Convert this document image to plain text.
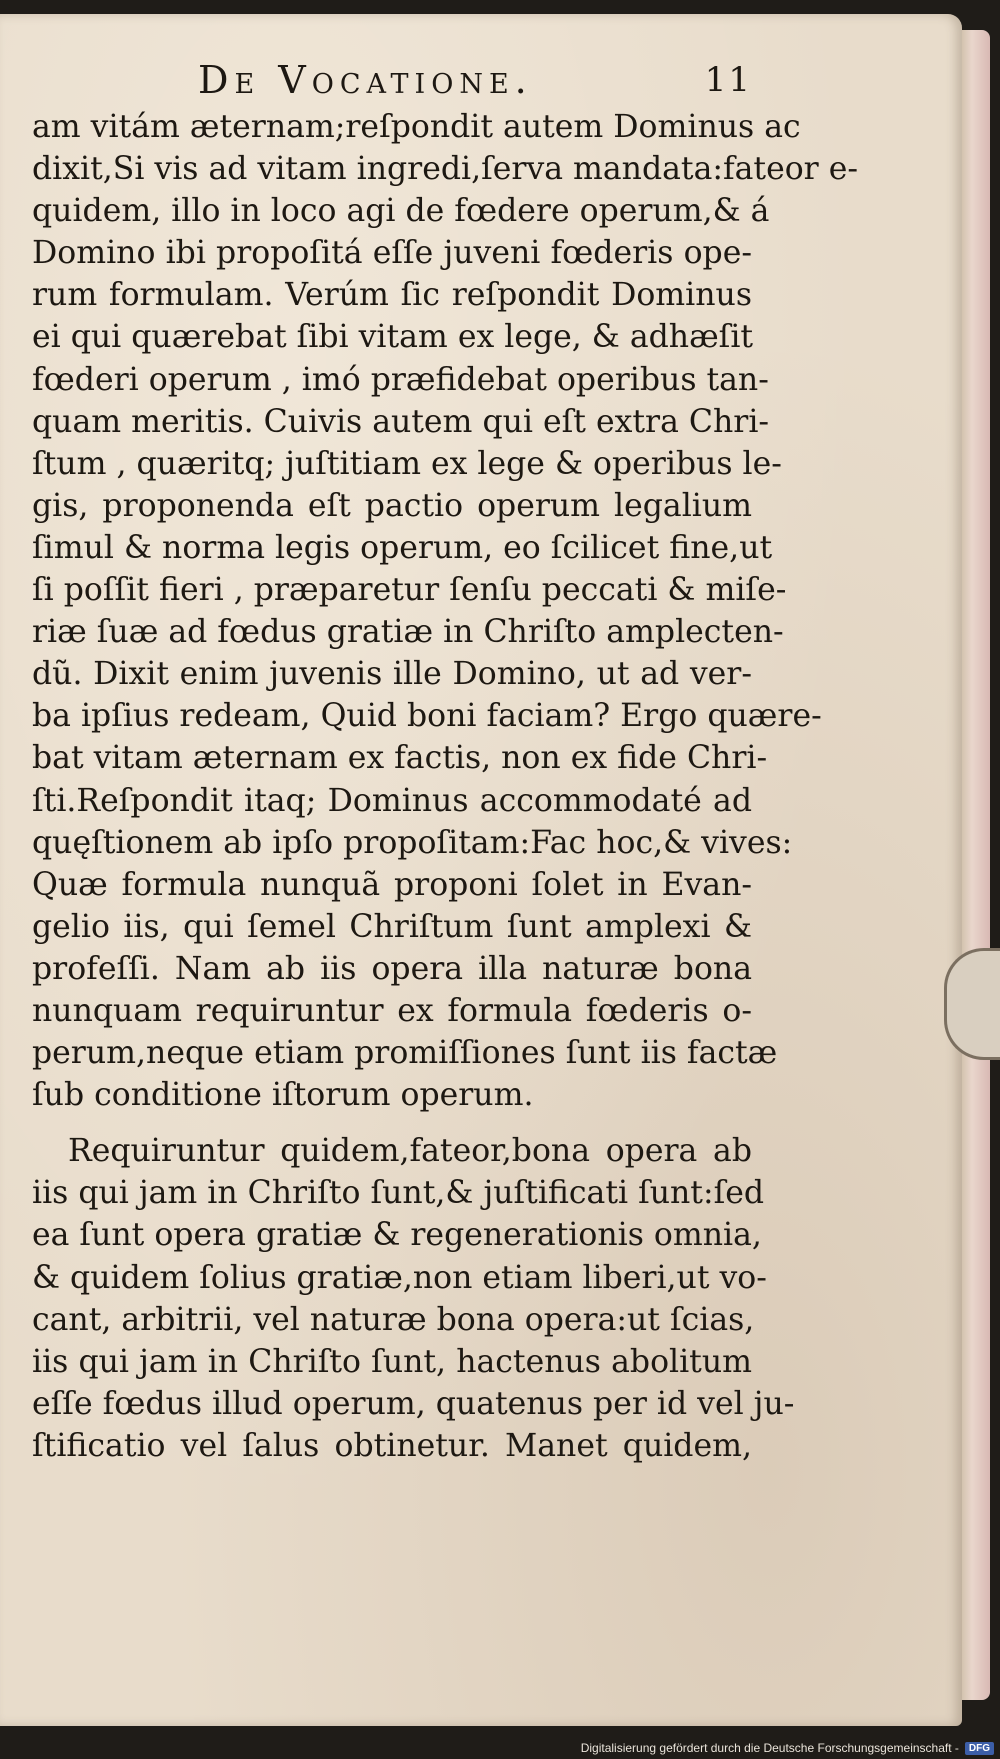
De Vocatione.	11
am vitám æternam;reſpondit autem Dominus ac
dixit,Si vis ad vitam ingredi,ſerva mandata:fateor e-
quidem, illo in loco agi de fœdere operum,& á
Domino ibi propoſitá eſſe juveni fœderis ope-
rum formulam. Verúm ſic reſpondit Dominus
ei qui quærebat ſibi vitam ex lege, & adhæſit
fœderi operum , imó præfidebat operibus tan-
quam meritis. Cuivis autem qui eſt extra Chri-
ſtum , quæritq; juſtitiam ex lege & operibus le-
gis, proponenda eſt pactio operum legalium
ſimul & norma legis operum, eo ſcilicet fine,ut
ſi poſſit fieri , præparetur ſenſu peccati & miſe-
riæ ſuæ ad fœdus gratiæ in Chriſto amplecten-
dũ. Dixit enim juvenis ille Domino, ut ad ver-
ba ipſius redeam, Quid boni faciam? Ergo quære-
bat vitam æternam ex factis, non ex fide Chri-
ſti.Reſpondit itaq; Dominus accommodaté ad
quęſtionem ab ipſo propoſitam:Fac hoc,& vives:
Quæ formula nunquã proponi ſolet in Evan-
gelio iis, qui ſemel Chriſtum ſunt amplexi &
profeſſi. Nam ab iis opera illa naturæ bona
nunquam requiruntur ex formula fœderis o-
perum,neque etiam promiſſiones ſunt iis factæ
ſub conditione iſtorum operum.
Requiruntur quidem,fateor,bona opera ab
iis qui jam in Chriſto ſunt,& juſtificati ſunt:ſed
ea ſunt opera gratiæ & regenerationis omnia,
& quidem ſolius gratiæ,non etiam liberi,ut vo-
cant, arbitrii, vel naturæ bona opera:ut ſcias,
iis qui jam in Chriſto ſunt, hactenus abolitum
eſſe fœdus illud operum, quatenus per id vel ju-
ſtificatio vel ſalus obtinetur. Manet quidem,
Digitalisierung gefördert durch die Deutsche Forschungsgemeinschaft -	DFG
